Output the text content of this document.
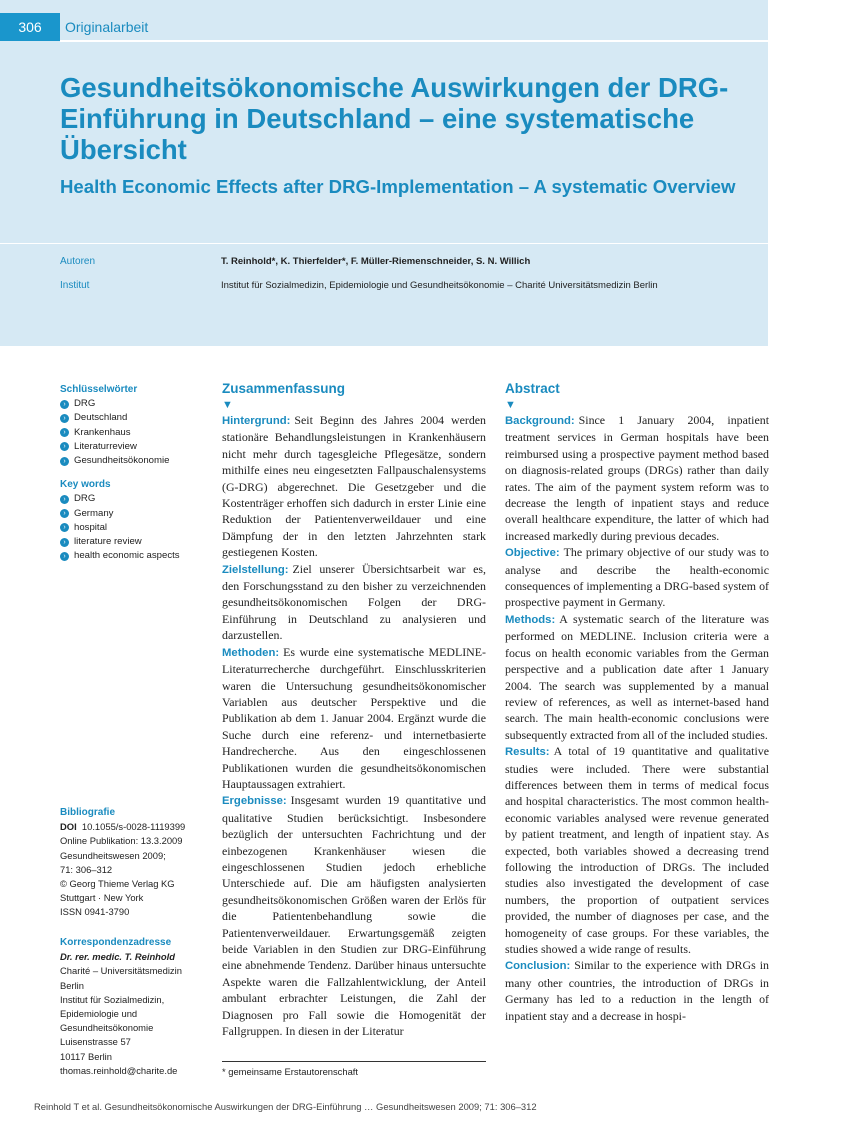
306	Originalarbeit
Gesundheitsökonomische Auswirkungen der DRG-Einführung in Deutschland – eine systematische Übersicht
Health Economic Effects after DRG-Implementation – A systematic Overview
Autoren	T. Reinhold*, K. Thierfelder*, F. Müller-Riemenschneider, S. N. Willich
Institut	Institut für Sozialmedizin, Epidemiologie und Gesundheitsökonomie – Charité Universitätsmedizin Berlin

Schlüsselwörter

› DRG
› Deutschland
› Krankenhaus
› Literaturreview
› Gesundheitsökonomie

Key words

› DRG
› Germany
› hospital
› literature review
› health economic aspects
Bibliografie
DOI 10.1055/s-0028-1119399
Online Publikation: 13.3.2009
Gesundheitswesen 2009;
71: 306–312
© Georg Thieme Verlag KG
Stuttgart · New York
ISSN 0941-3790
Korrespondenzadresse
Dr. rer. medic. T. Reinhold
Charité – Universitätsmedizin
Berlin
Institut für Sozialmedizin,
Epidemiologie und
Gesundheitsökonomie
Luisenstrasse 57
10117 Berlin
thomas.reinhold@charite.de
Zusammenfassung
▼

Hintergrund: Seit Beginn des Jahres 2004 werden stationäre Behandlungsleistungen in Krankenhäusern nicht mehr durch tagesgleiche Pflegesätze, sondern mithilfe eines neu eingesetzten Fallpauschalensystems (G-DRG) abgerechnet. Die Gesetzgeber und die Kostenträger erhoffen sich dadurch in erster Linie eine Reduktion der Patientenverweildauer und eine Dämpfung der in den letzten Jahrzehnten stark gestiegenen Kosten.

Zielstellung: Ziel unserer Übersichtsarbeit war es, den Forschungsstand zu den bisher zu verzeichnenden gesundheitsökonomischen Folgen der DRG-Einführung in Deutschland zu analysieren und darzustellen.

Methoden: Es wurde eine systematische MEDLINE-Literaturrecherche durchgeführt. Einschlusskriterien waren die Untersuchung gesundheitsökonomischer Variablen aus deutscher Perspektive und die Publikation ab dem 1. Januar 2004. Ergänzt wurde die Suche durch eine referenz- und internetbasierte Handrecherche. Aus den eingeschlossenen Publikationen wurden die gesundheitsökonomischen Hauptaussagen extrahiert.

Ergebnisse: Insgesamt wurden 19 quantitative und qualitative Studien berücksichtigt. Insbesondere bezüglich der untersuchten Fachrichtung und der einbezogenen Krankenhäuser wiesen die eingeschlossenen Studien jedoch erhebliche Unterschiede auf. Die am häufigsten analysierten gesundheitsökonomischen Größen waren der Erlös für die Patientenbehandlung sowie die Patientenverweildauer. Erwartungsgemäß zeigten beide Variablen in den Studien zur DRG-Einführung eine abnehmende Tendenz. Darüber hinaus untersuchte Aspekte waren die Fallzahlentwicklung, der Anteil ambulant erbrachter Leistungen, die Zahl der Diagnosen pro Fall sowie die Homogenität der Fallgruppen. In diesen in der Literatur

Abstract
▼

Background: Since 1 January 2004, inpatient treatment services in German hospitals have been reimbursed using a prospective payment method based on diagnosis-related groups (DRGs) rather than daily rates. The aim of the payment system reform was to decrease the length of inpatient stays and reduce overall healthcare expenditure, the latter of which had increased markedly during previous decades.

Objective: The primary objective of our study was to analyse and describe the health-economic consequences of implementing a DRG-based system of prospective payment in Germany.

Methods: A systematic search of the literature was performed on MEDLINE. Inclusion criteria were a focus on health economic variables from the German perspective and a publication date after 1 January 2004. The search was supplemented by a manual review of references, as well as internet-based hand search. The main health-economic conclusions were subsequently extracted from all of the included studies.

Results: A total of 19 quantitative and qualitative studies were included. There were substantial differences between them in terms of medical focus and hospital characteristics. The most common health-economic variables analysed were revenue generated by patient treatment, and length of inpatient stay. As expected, both variables showed a decreasing trend following the introduction of DRGs. The included studies also investigated the development of case numbers, the proportion of outpatient services provided, the number of diagnoses per case, and the homogeneity of case groups. For these variables, the studies showed a wide range of results.

Conclusion: Similar to the experience with DRGs in many other countries, the introduction of DRGs in Germany has led to a reduction in the length of inpatient stay and a decrease in hospi-

* gemeinsame Erstautorenschaft
Reinhold T et al. Gesundheitsökonomische Auswirkungen der DRG-Einführung … Gesundheitswesen 2009; 71: 306–312
